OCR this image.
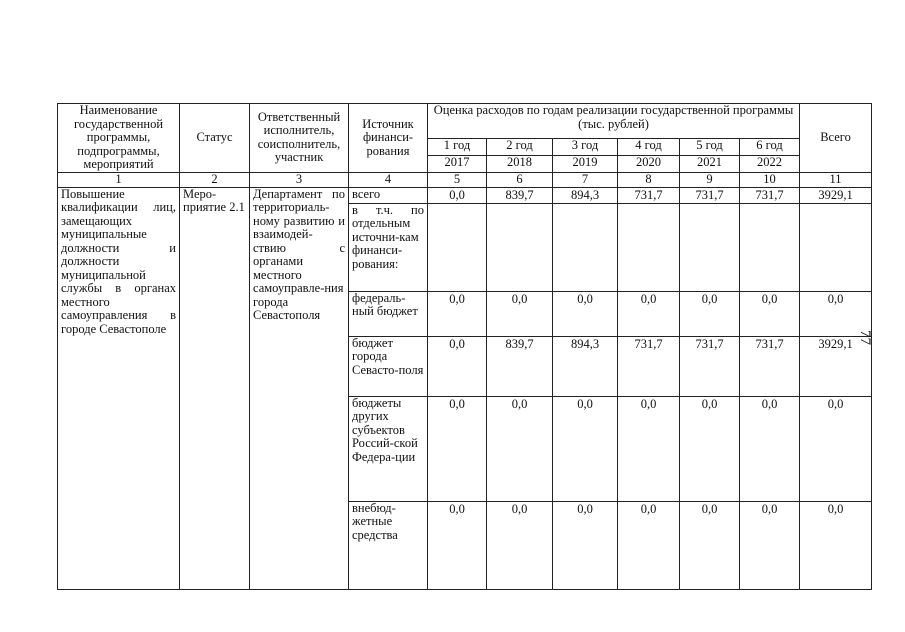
Наименование государственной программы, подпрограммы, мероприятий	Статус	Ответственный исполнитель, соисполнитель, участник	Источник финанси-рования	Оценка расходов по годам реализации государственной программы (тыс. рублей)						Всего
				1 год	2 год	3 год	4 год	5 год	6 год	
				2017	2018	2019	2020	2021	2022	
1	2	3	4	5	6	7	8	9	10	11
Повышение квалификации лиц, замещающих муниципальные должности и должности муниципальной службы в органах местного самоуправления в городе Севастополе	Меро-приятие 2.1	Департамент по территориаль-ному развитию и взаимодей-ствию с органами местного самоуправле-ния города Севастополя	всего	0,0	839,7	894,3	731,7	731,7	731,7	3929,1
			в т.ч. по отдельным источни-кам финанси-рования:							
			федераль-ный бюджет	0,0	0,0	0,0	0,0	0,0	0,0	0,0
			бюджет города Севасто-поля	0,0	839,7	894,3	731,7	731,7	731,7	3929,1
			бюджеты других субъектов Россий-ской Федера-ции	0,0	0,0	0,0	0,0	0,0	0,0	0,0
			внебюд-жетные средства	0,0	0,0	0,0	0,0	0,0	0,0	0,0
77
